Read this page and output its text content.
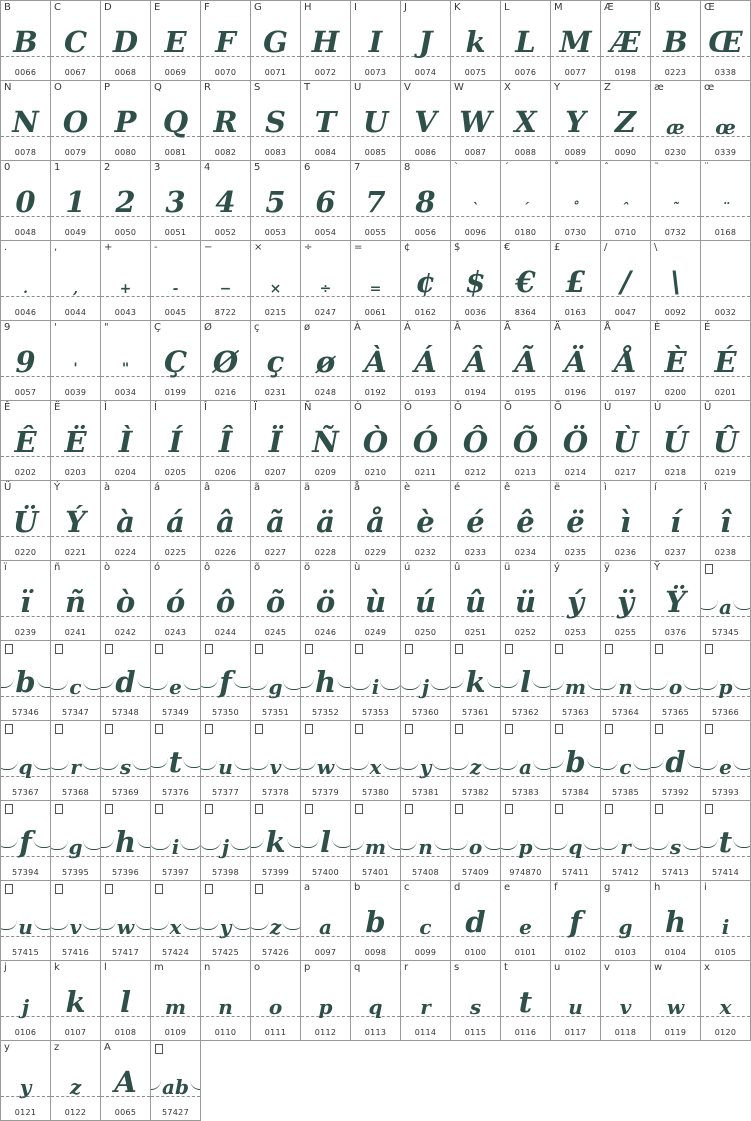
B
B
0066
C
C
0067
D
D
0068
E
E
0069
F
F
0070
G
G
0071
H
H
0072
I
I
0073
J
J
0074
K
k
0075
L
L
0076
M
M
0077
Æ
Æ
0198
ß
B
0223
Œ
Œ
0338
N
N
0078
O
O
0079
P
P
0080
Q
Q
0081
R
R
0082
S
S
0083
T
T
0084
U
U
0085
V
V
0086
W
W
0087
X
X
0088
Y
Y
0089
Z
Z
0090
æ
æ
0230
œ
œ
0339
0
0
0048
1
1
0049
2
2
0050
3
3
0051
4
4
0052
5
5
0053
6
6
0054
7
7
0055
8
8
0056
`
`
0096
´
´
0180
˚
˚
0730
ˆ
ˆ
0710
˜
˜
0732
¨
¨
0168
.
.
0046
,
,
0044
+
+
0043
-
-
0045
−
−
8722
×
×
0215
÷
÷
0247
=
=
0061
¢
¢
0162
$
$
0036
€
€
8364
£
£
0163
/
/
0047
\
\
0092	0032
9
9
0057
'
'
0039
"
"
0034
Ç
Ç
0199
Ø
Ø
0216
ç
ç
0231
ø
ø
0248
À
À
0192
Á
Á
0193
Â
Â
0194
Ã
Ã
0195
Ä
Ä
0196
Å
Å
0197
È
È
0200
É
É
0201
Ê
Ê
0202
Ë
Ë
0203
Ì
Ì
0204
Í
Í
0205
Î
Î
0206
Ï
Ï
0207
Ñ
Ñ
0209
Ò
Ò
0210
Ó
Ó
0211
Ô
Ô
0212
Õ
Õ
0213
Ö
Ö
0214
Ù
Ù
0217
Ú
Ú
0218
Û
Û
0219
Ü
Ü
0220
Ý
Ý
0221
à
à
0224
á
á
0225
â
â
0226
ã
ã
0227
ä
ä
0228
å
å
0229
è
è
0232
é
é
0233
ê
ê
0234
ë
ë
0235
ì
ì
0236
í
í
0237
î
î
0238
ï
ï
0239
ñ
ñ
0241
ò
ò
0242
ó
ó
0243
ô
ô
0244
õ
õ
0245
ö
ö
0246
ù
ù
0249
ú
ú
0250
û
û
0251
ü
ü
0252
ý
ý
0253
ÿ
ÿ
0255
Ÿ
Ÿ
0376
a
57345
b
57346
c
57347
d
57348
e
57349
f
57350
g
57351
h
57352
i
57353
j
57360
k
57361
l
57362
m
57363
n
57364
o
57365
p
57366
q
57367
r
57368
s
57369
t
57376
u
57377
v
57378
w
57379
x
57380
y
57381
z
57382
a
57383
b
57384
c
57385
d
57392
e
57393
f
57394
g
57395
h
57396
i
57397
j
57398
k
57399
l
57400
m
57401
n
57408
o
57409
p
974870
q
57411
r
57412
s
57413
t
57414
u
57415
v
57416
w
57417
x
57424
y
57425
z
57426
a
a
0097
b
b
0098
c
c
0099
d
d
0100
e
e
0101
f
f
0102
g
g
0103
h
h
0104
i
i
0105
j
j
0106
k
k
0107
l
l
0108
m
m
0109
n
n
0110
o
o
0111
p
p
0112
q
q
0113
r
r
0114
s
s
0115
t
t
0116
u
u
0117
v
v
0118
w
w
0119
x
x
0120
y
y
0121
z
z
0122
A
A
0065
ab
57427
